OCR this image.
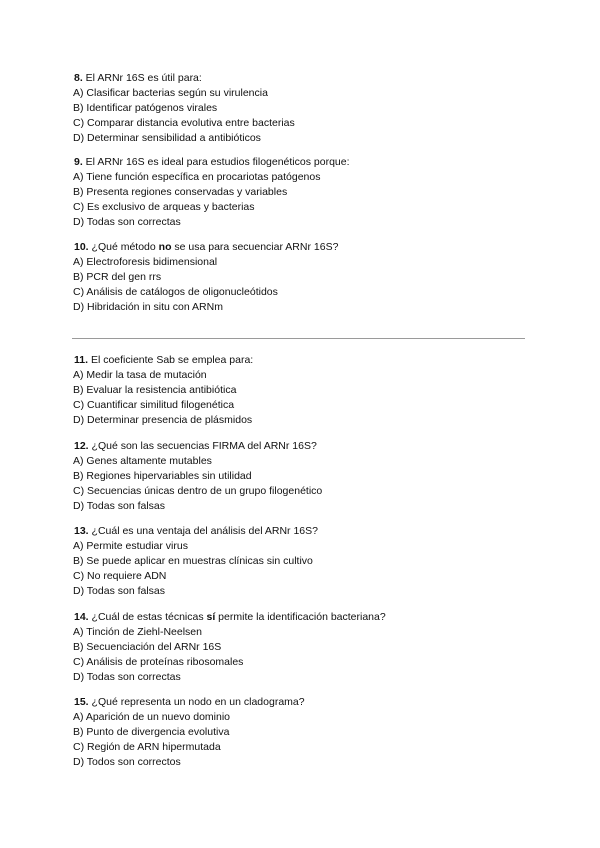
8. El ARNr 16S es útil para:

A) Clasificar bacterias según su virulencia
B) Identificar patógenos virales
C) Comparar distancia evolutiva entre bacterias
D) Determinar sensibilidad a antibióticos

9. El ARNr 16S es ideal para estudios filogenéticos porque:

A) Tiene función específica en procariotas patógenos
B) Presenta regiones conservadas y variables
C) Es exclusivo de arqueas y bacterias
D) Todas son correctas

10. ¿Qué método no se usa para secuenciar ARNr 16S?

A) Electroforesis bidimensional
B) PCR del gen rrs
C) Análisis de catálogos de oligonucleótidos
D) Hibridación in situ con ARNm

11. El coeficiente Sab se emplea para:

A) Medir la tasa de mutación
B) Evaluar la resistencia antibiótica
C) Cuantificar similitud filogenética
D) Determinar presencia de plásmidos

12. ¿Qué son las secuencias FIRMA del ARNr 16S?

A) Genes altamente mutables
B) Regiones hipervariables sin utilidad
C) Secuencias únicas dentro de un grupo filogenético
D) Todas son falsas

13. ¿Cuál es una ventaja del análisis del ARNr 16S?

A) Permite estudiar virus
B) Se puede aplicar en muestras clínicas sin cultivo
C) No requiere ADN
D) Todas son falsas

14. ¿Cuál de estas técnicas sí permite la identificación bacteriana?

A) Tinción de Ziehl-Neelsen
B) Secuenciación del ARNr 16S
C) Análisis de proteínas ribosomales
D) Todas son correctas

15. ¿Qué representa un nodo en un cladograma?

A) Aparición de un nuevo dominio
B) Punto de divergencia evolutiva
C) Región de ARN hipermutada
D) Todos son correctos
